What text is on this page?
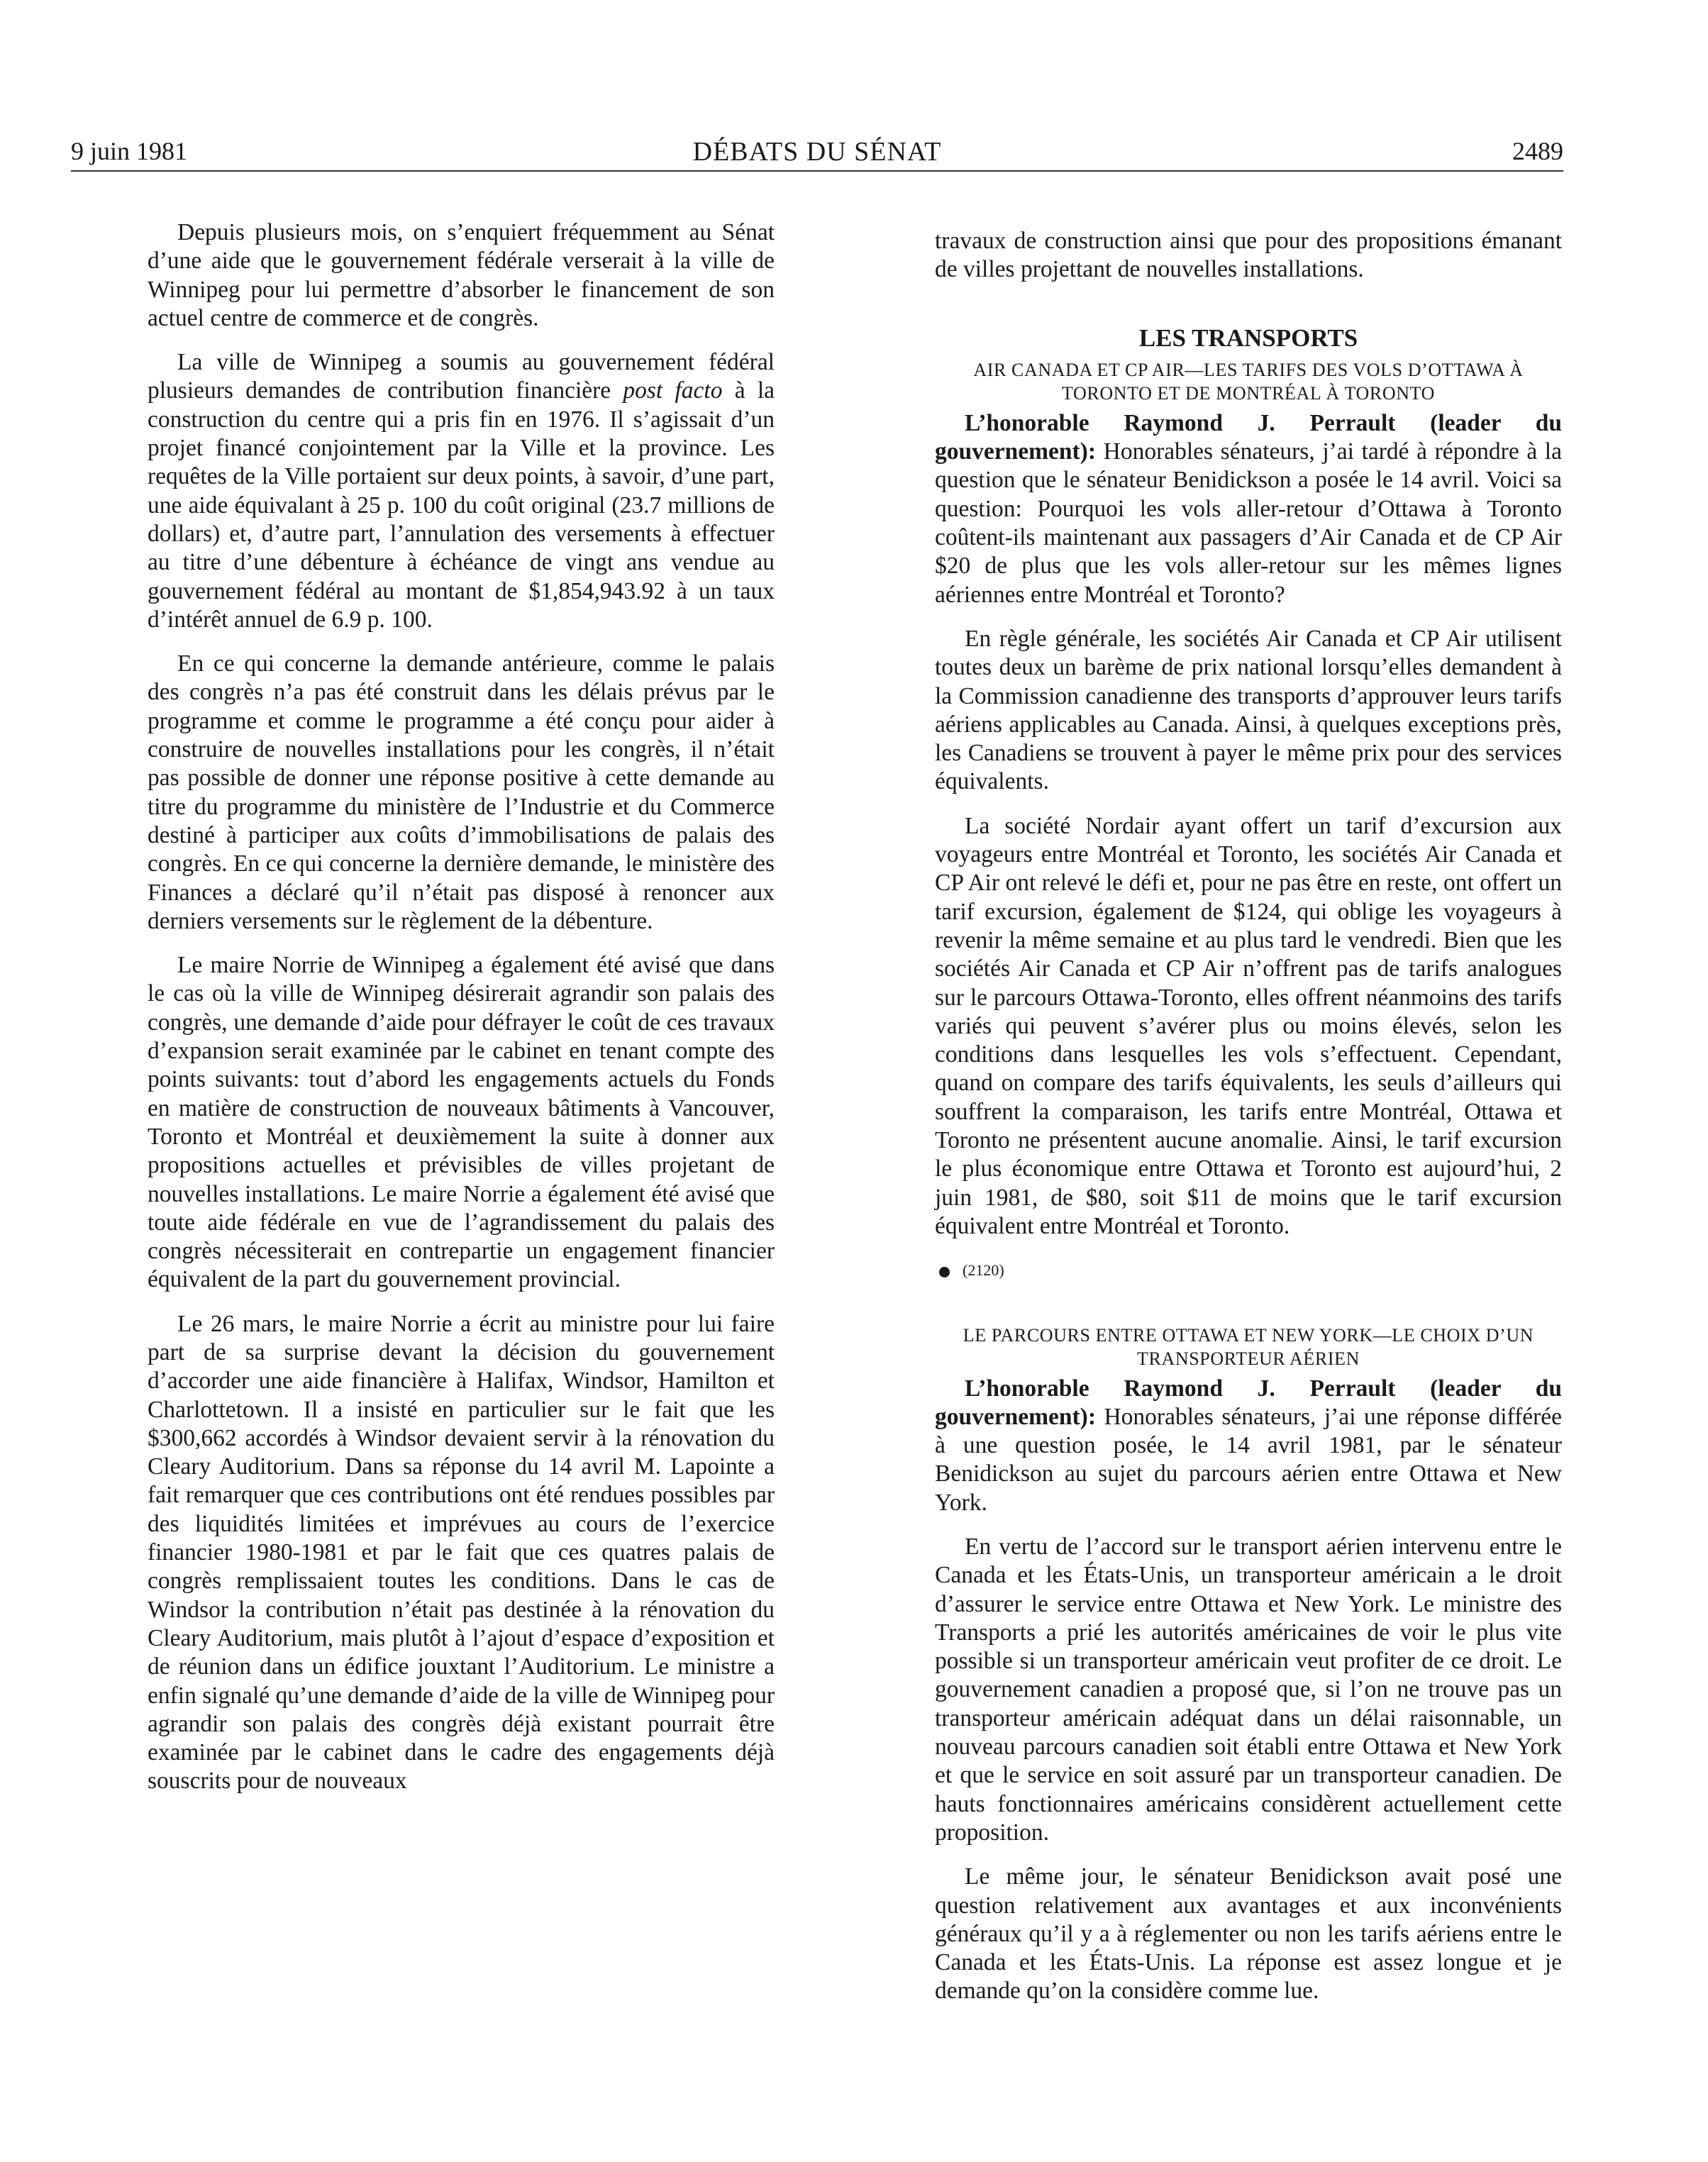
9 juin 1981	DÉBATS DU SÉNAT	2489

Depuis plusieurs mois, on s’enquiert fréquemment au Sénat d’une aide que le gouvernement fédérale verserait à la ville de Winnipeg pour lui permettre d’absorber le financement de son actuel centre de commerce et de congrès.

La ville de Winnipeg a soumis au gouvernement fédéral plusieurs demandes de contribution financière post facto à la construction du centre qui a pris fin en 1976. Il s’agissait d’un projet financé conjointement par la Ville et la province. Les requêtes de la Ville portaient sur deux points, à savoir, d’une part, une aide équivalant à 25 p. 100 du coût original (23.7 millions de dollars) et, d’autre part, l’annulation des versements à effectuer au titre d’une débenture à échéance de vingt ans vendue au gouvernement fédéral au montant de $1,854,943.92 à un taux d’intérêt annuel de 6.9 p. 100.

En ce qui concerne la demande antérieure, comme le palais des congrès n’a pas été construit dans les délais prévus par le programme et comme le programme a été conçu pour aider à construire de nouvelles installations pour les congrès, il n’était pas possible de donner une réponse positive à cette demande au titre du programme du ministère de l’Industrie et du Commerce destiné à participer aux coûts d’immobilisations de palais des congrès. En ce qui concerne la dernière demande, le ministère des Finances a déclaré qu’il n’était pas disposé à renoncer aux derniers versements sur le règlement de la débenture.

Le maire Norrie de Winnipeg a également été avisé que dans le cas où la ville de Winnipeg désirerait agrandir son palais des congrès, une demande d’aide pour défrayer le coût de ces travaux d’expansion serait examinée par le cabinet en tenant compte des points suivants: tout d’abord les engagements actuels du Fonds en matière de construction de nouveaux bâtiments à Vancouver, Toronto et Montréal et deuxièmement la suite à donner aux propositions actuelles et prévisibles de villes projetant de nouvelles installations. Le maire Norrie a également été avisé que toute aide fédérale en vue de l’agrandissement du palais des congrès nécessiterait en contrepartie un engagement financier équivalent de la part du gouvernement provincial.

Le 26 mars, le maire Norrie a écrit au ministre pour lui faire part de sa surprise devant la décision du gouvernement d’accorder une aide financière à Halifax, Windsor, Hamilton et Charlottetown. Il a insisté en particulier sur le fait que les $300,662 accordés à Windsor devaient servir à la rénovation du Cleary Auditorium. Dans sa réponse du 14 avril M. Lapointe a fait remarquer que ces contributions ont été rendues possibles par des liquidités limitées et imprévues au cours de l’exercice financier 1980-1981 et par le fait que ces quatres palais de congrès remplissaient toutes les conditions. Dans le cas de Windsor la contribution n’était pas destinée à la rénovation du Cleary Auditorium, mais plutôt à l’ajout d’espace d’exposition et de réunion dans un édifice jouxtant l’Auditorium. Le ministre a enfin signalé qu’une demande d’aide de la ville de Winnipeg pour agrandir son palais des congrès déjà existant pourrait être examinée par le cabinet dans le cadre des engagements déjà souscrits pour de nouveaux

travaux de construction ainsi que pour des propositions émanant de villes projettant de nouvelles installations.

LES TRANSPORTS
AIR CANADA ET CP AIR—LES TARIFS DES VOLS D’OTTAWA À TORONTO ET DE MONTRÉAL À TORONTO

L’honorable Raymond J. Perrault (leader du gouvernement): Honorables sénateurs, j’ai tardé à répondre à la question que le sénateur Benidickson a posée le 14 avril. Voici sa question: Pourquoi les vols aller-retour d’Ottawa à Toronto coûtent-ils maintenant aux passagers d’Air Canada et de CP Air $20 de plus que les vols aller-retour sur les mêmes lignes aériennes entre Montréal et Toronto?

En règle générale, les sociétés Air Canada et CP Air utilisent toutes deux un barème de prix national lorsqu’elles demandent à la Commission canadienne des transports d’approuver leurs tarifs aériens applicables au Canada. Ainsi, à quelques exceptions près, les Canadiens se trouvent à payer le même prix pour des services équivalents.

La société Nordair ayant offert un tarif d’excursion aux voyageurs entre Montréal et Toronto, les sociétés Air Canada et CP Air ont relevé le défi et, pour ne pas être en reste, ont offert un tarif excursion, également de $124, qui oblige les voyageurs à revenir la même semaine et au plus tard le vendredi. Bien que les sociétés Air Canada et CP Air n’offrent pas de tarifs analogues sur le parcours Ottawa-Toronto, elles offrent néanmoins des tarifs variés qui peuvent s’avérer plus ou moins élevés, selon les conditions dans lesquelles les vols s’effectuent. Cependant, quand on compare des tarifs équivalents, les seuls d’ailleurs qui souffrent la comparaison, les tarifs entre Montréal, Ottawa et Toronto ne présentent aucune anomalie. Ainsi, le tarif excursion le plus économique entre Ottawa et Toronto est aujourd’hui, 2 juin 1981, de $80, soit $11 de moins que le tarif excursion équivalent entre Montréal et Toronto.

(2120)
LE PARCOURS ENTRE OTTAWA ET NEW YORK—LE CHOIX D’UN TRANSPORTEUR AÉRIEN

L’honorable Raymond J. Perrault (leader du gouvernement): Honorables sénateurs, j’ai une réponse différée à une question posée, le 14 avril 1981, par le sénateur Benidickson au sujet du parcours aérien entre Ottawa et New York.

En vertu de l’accord sur le transport aérien intervenu entre le Canada et les États-Unis, un transporteur américain a le droit d’assurer le service entre Ottawa et New York. Le ministre des Transports a prié les autorités américaines de voir le plus vite possible si un transporteur américain veut profiter de ce droit. Le gouvernement canadien a proposé que, si l’on ne trouve pas un transporteur américain adéquat dans un délai raisonnable, un nouveau parcours canadien soit établi entre Ottawa et New York et que le service en soit assuré par un transporteur canadien. De hauts fonctionnaires américains considèrent actuellement cette proposition.

Le même jour, le sénateur Benidickson avait posé une question relativement aux avantages et aux inconvénients généraux qu’il y a à réglementer ou non les tarifs aériens entre le Canada et les États-Unis. La réponse est assez longue et je demande qu’on la considère comme lue.
